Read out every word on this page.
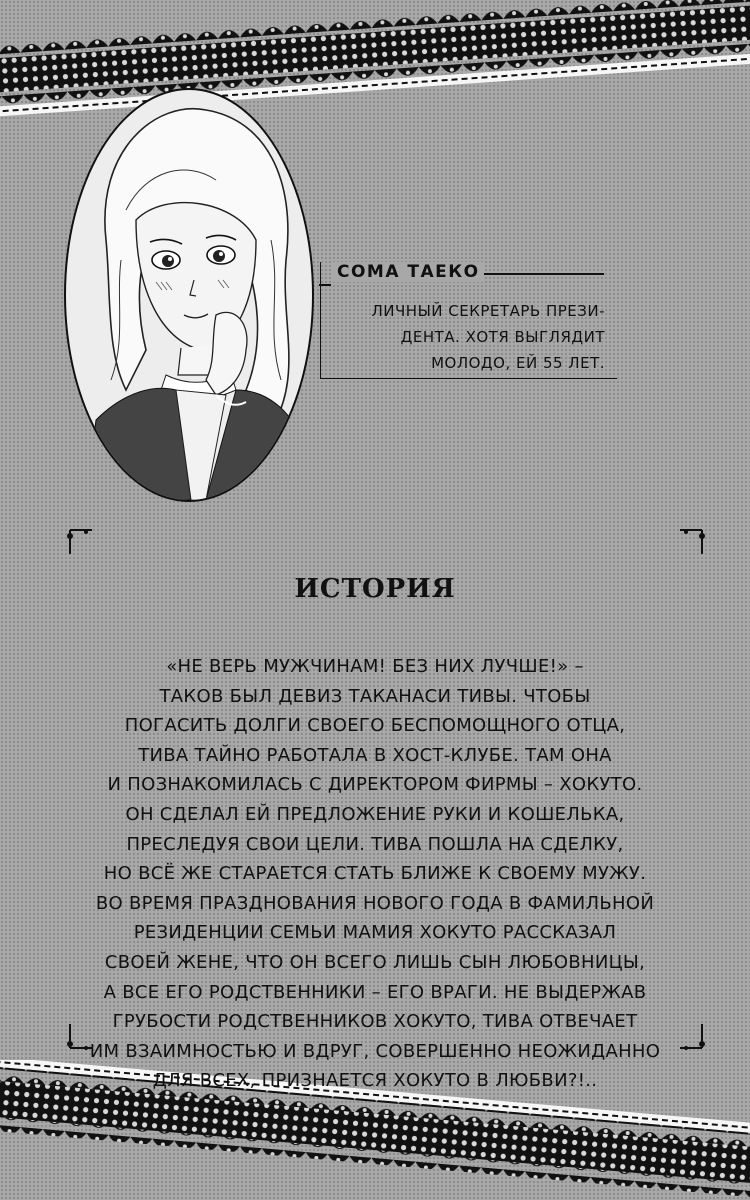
СОМА ТАЕКО
ЛИЧНЫЙ СЕКРЕТАРЬ ПРЕЗИ-
ДЕНТА. ХОТЯ ВЫГЛЯДИТ
МОЛОДО, ЕЙ 55 ЛЕТ.
ИСТОРИЯ
«НЕ ВЕРЬ МУЖЧИНАМ! БЕЗ НИХ ЛУЧШЕ!» –
ТАКОВ БЫЛ ДЕВИЗ ТАКАНАСИ ТИВЫ. ЧТОБЫ
ПОГАСИТЬ ДОЛГИ СВОЕГО БЕСПОМОЩНОГО ОТЦА,
ТИВА ТАЙНО РАБОТАЛА В ХОСТ-КЛУБЕ. ТАМ ОНА
И ПОЗНАКОМИЛАСЬ С ДИРЕКТОРОМ ФИРМЫ – ХОКУТО.
ОН СДЕЛАЛ ЕЙ ПРЕДЛОЖЕНИЕ РУКИ И КОШЕЛЬКА,
ПРЕСЛЕДУЯ СВОИ ЦЕЛИ. ТИВА ПОШЛА НА СДЕЛКУ,
НО ВСЁ ЖЕ СТАРАЕТСЯ СТАТЬ БЛИЖЕ К СВОЕМУ МУЖУ.
ВО ВРЕМЯ ПРАЗДНОВАНИЯ НОВОГО ГОДА В ФАМИЛЬНОЙ
РЕЗИДЕНЦИИ СЕМЬИ МАМИЯ ХОКУТО РАССКАЗАЛ
СВОЕЙ ЖЕНЕ, ЧТО ОН ВСЕГО ЛИШЬ СЫН ЛЮБОВНИЦЫ,
А ВСЕ ЕГО РОДСТВЕННИКИ – ЕГО ВРАГИ. НЕ ВЫДЕРЖАВ
ГРУБОСТИ РОДСТВЕННИКОВ ХОКУТО, ТИВА ОТВЕЧАЕТ
ИМ ВЗАИМНОСТЬЮ И ВДРУГ, СОВЕРШЕННО НЕОЖИДАННО
ДЛЯ ВСЕХ, ПРИЗНАЕТСЯ ХОКУТО В ЛЮБВИ?!..
